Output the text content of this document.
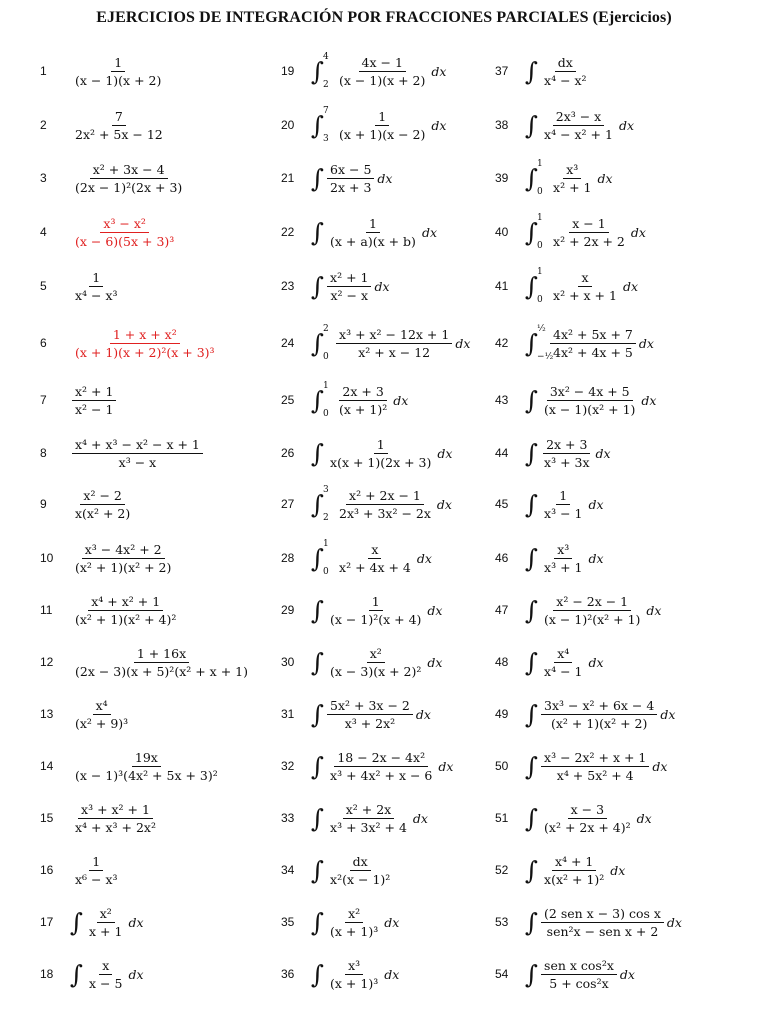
EJERCICIOS DE INTEGRACIÓN POR FRACCIONES PARCIALES (Ejercicios)
1	$\frac{1}{(x - 1)(x + 2)}$
2	$\frac{7}{\text{2x² + 5x − 12}}$
3	$\frac{\text{x² + 3x − 4}}{\text{(2x − 1)²(2x + 3)}}$
4	$\frac{\text{x³ − x²}}{\text{(x − 6)(5x + 3)³}}$
5	$\frac{1}{\text{x⁴ − x³}}$
6	$\frac{\text{1 + x + x²}}{\text{(x + 1)(x + 2)²(x + 3)³}}$
7	$\frac{\text{x² + 1}}{\text{x² − 1}}$
8	$\frac{\text{x⁴ + x³ − x² − x + 1}}{\text{x³ − x}}$
9	$\frac{\text{x² − 2}}{\text{x(x² + 2)}}$
10	$\frac{\text{x³ − 4x² + 2}}{\text{(x² + 1)(x² + 2)}}$
11	$\frac{\text{x⁴ + x² + 1}}{\text{(x² + 1)(x² + 4)²}}$
12	$\frac{1 + 16x}{\text{(2x − 3)(x + 5)²(x² + x + 1)}}$
13	$\frac{\text{x⁴}}{\text{(x² + 9)³}}$
14	$\frac{19x}{\text{(x − 1)³(4x² + 5x + 3)²}}$
15	$\frac{\text{x³ + x² + 1}}{\text{x⁴ + x³ + 2x²}}$
16	$\frac{1}{\text{x⁶ − x³}}$
17 ∫ $\frac{\text{x²}}{x + 1}$ dx
18 ∫ $\frac{x}{x - 5}$ dx
19 ∫ 4
$2 \frac{4x - 1}{(x - 1)(x + 2)}$ dx
20 ∫ 7
$3 \frac{1}{(x + 1)(x - 2)}$ dx
21 ∫ $\frac{6x - 5}{2x + 3}$ dx
22 ∫ $\frac{1}{(x + a)(x + b)}$ dx
23 ∫ $\frac{\text{x² + 1}}{\text{x² − x}}$ dx
24 ∫ 2
$0 \frac{\text{x³ + x² − 12x + 1}}{\text{x² + x − 12}}$ dx
25 ∫ 1
$0 \frac{2x + 3}{\text{(x + 1)²}}$ dx
26 ∫ $\frac{1}{x(x + 1)(2x + 3)}$ dx
27 ∫ 3
$2 \frac{\text{x² + 2x − 1}}{\text{2x³ + 3x² − 2x}}$ dx
28 ∫ 1
$0 \frac{x}{\text{x² + 4x + 4}}$ dx
29 ∫ $\frac{1}{\text{(x − 1)²(x + 4)}}$ dx
30 ∫ $\frac{\text{x²}}{\text{(x − 3)(x + 2)²}}$ dx
31 ∫ $\frac{\text{5x² + 3x − 2}}{\text{x³ + 2x²}}$ dx
32 ∫ $\frac{\text{18 − 2x − 4x²}}{\text{x³ + 4x² + x − 6}}$ dx
33 ∫ $\frac{\text{x² + 2x}}{\text{x³ + 3x² + 4}}$ dx
34 ∫ $\frac{dx}{\text{x²(x − 1)²}}$
35 ∫ $\frac{\text{x²}}{\text{(x + 1)³}}$ dx
36 ∫ $\frac{\text{x³}}{\text{(x + 1)³}}$ dx
37 ∫ $\frac{dx}{\text{x⁴ − x²}}$
38 ∫ $\frac{\text{2x³ − x}}{\text{x⁴ − x² + 1}}$ dx
39 ∫ 1
$0 \frac{\text{x³}}{\text{x² + 1}}$ dx
40 ∫ 1
$0 \frac{x - 1}{\text{x² + 2x + 2}}$ dx
41 ∫ 1
$0 \frac{x}{\text{x² + x + 1}}$ dx
42 ∫ ¹⁄₂
−¹⁄₂
$\frac{\text{4x² + 5x + 7}}{\text{4x² + 4x + 5}}$ dx
43 ∫ $\frac{\text{3x² − 4x + 5}}{\text{(x − 1)(x² + 1)}}$ dx
44 ∫ $\frac{2x + 3}{\text{x³ + 3x}}$ dx
45 ∫ $\frac{1}{\text{x³ − 1}}$ dx
46 ∫ $\frac{\text{x³}}{\text{x³ + 1}}$ dx
47 ∫ $\frac{\text{x² − 2x − 1}}{\text{(x − 1)²(x² + 1)}}$ dx
48 ∫ $\frac{\text{x⁴}}{\text{x⁴ − 1}}$ dx
49 ∫ $\frac{\text{3x³ − x² + 6x − 4}}{\text{(x² + 1)(x² + 2)}}$ dx
50 ∫ $\frac{\text{x³ − 2x² + x + 1}}{\text{x⁴ + 5x² + 4}}$ dx
51 ∫ $\frac{x - 3}{\text{(x² + 2x + 4)²}}$ dx
52 ∫ $\frac{\text{x⁴ + 1}}{\text{x(x² + 1)²}}$ dx
53 ∫ $\frac{\text{(2 sen x − 3) cos x}}{\text{sen²x − sen x + 2}}$ dx
54 ∫ $\frac{\text{sen x cos²x}}{\text{5 + cos²x}}$ dx
